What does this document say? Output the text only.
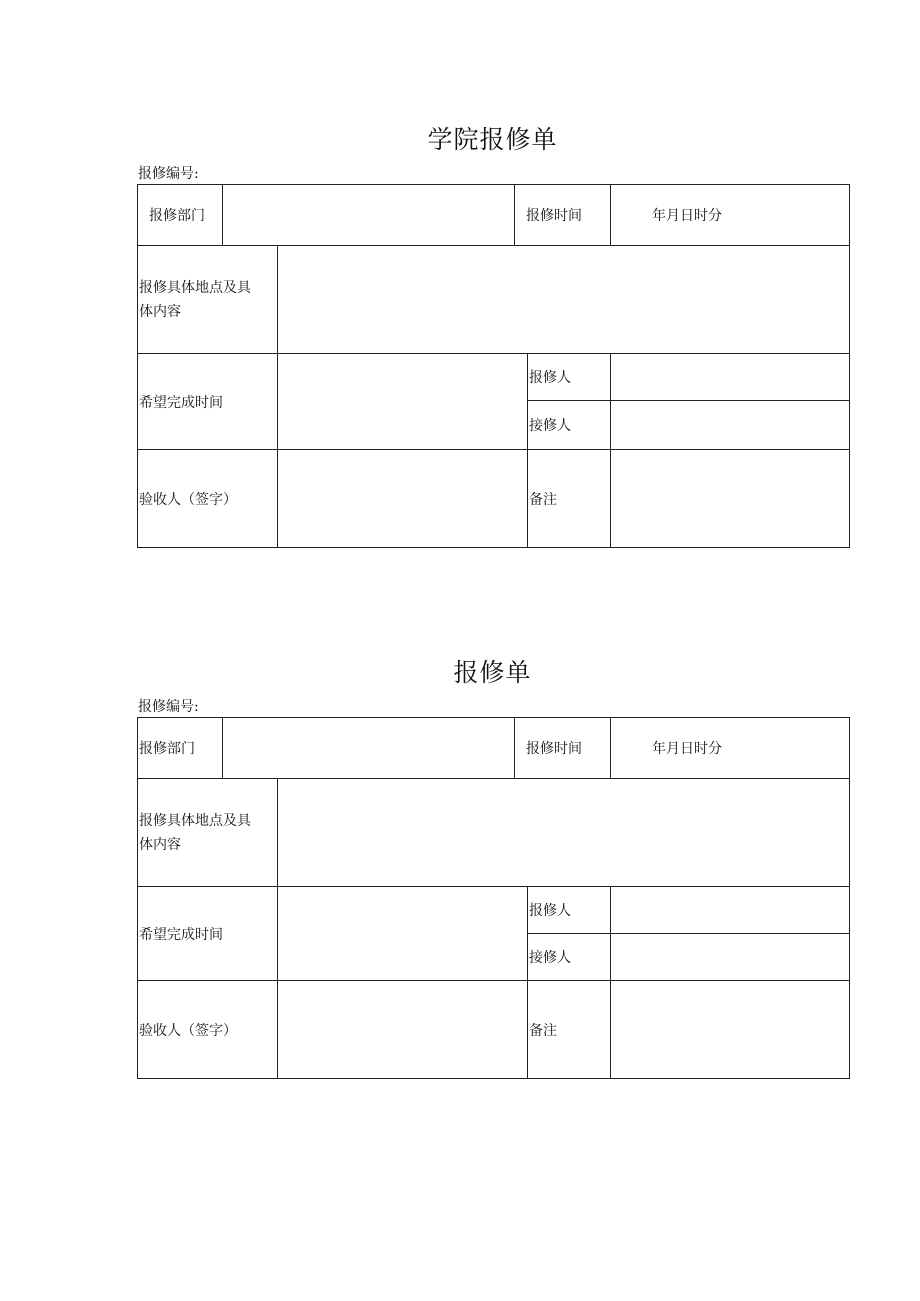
学院报修单
报修编号:
报修部门			报修时间		年月日时分
报修具体地点及具
体内容					
希望完成时间				报修人	
				接修人	
验收人（签字）				备注	
报修单
报修编号:
报修部门			报修时间		年月日时分
报修具体地点及具
体内容					
希望完成时间				报修人	
				接修人	
验收人（签字）				备注	
